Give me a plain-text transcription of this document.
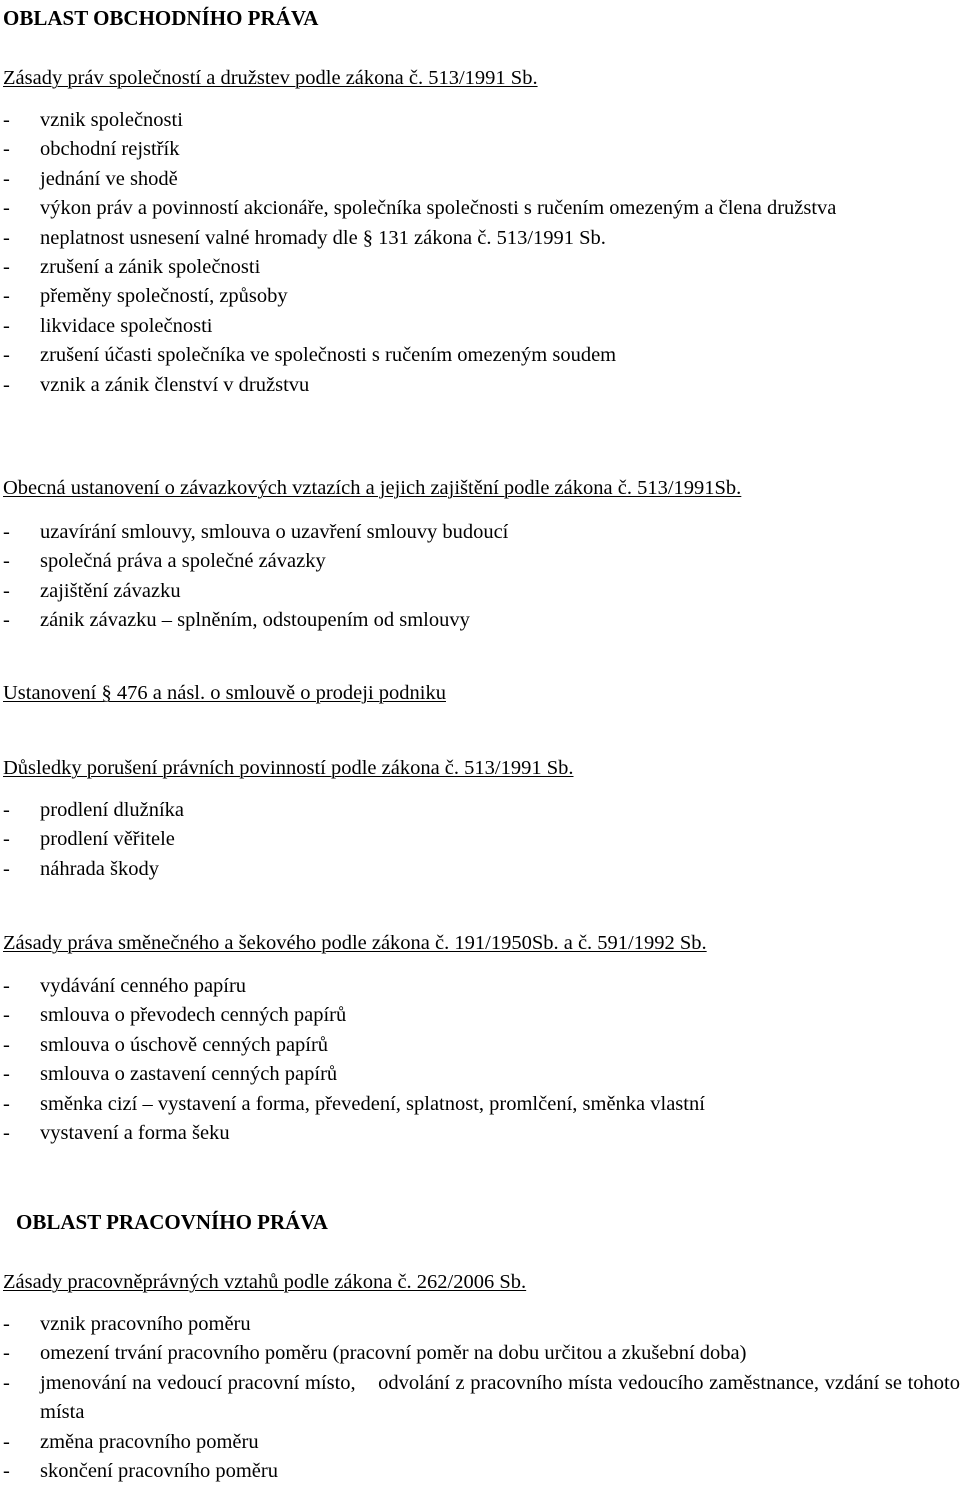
OBLAST OBCHODNÍHO PRÁVA
Zásady práv společností a družstev podle zákona č. 513/1991 Sb.
- vznik společnosti
- obchodní rejstřík
- jednání ve shodě
- výkon práv a povinností akcionáře, společníka společnosti s ručením omezeným a člena družstva
- neplatnost usnesení valné hromady dle § 131 zákona č. 513/1991 Sb.
- zrušení a zánik společnosti
- přeměny společností, způsoby
- likvidace společnosti
- zrušení účasti společníka ve společnosti s ručením omezeným soudem
- vznik a zánik členství v družstvu
Obecná ustanovení o závazkových vztazích a jejich zajištění podle zákona č. 513/1991Sb.
- uzavírání smlouvy, smlouva o uzavření smlouvy budoucí
- společná práva a společné závazky
- zajištění závazku
- zánik závazku – splněním, odstoupením od smlouvy
Ustanovení § 476 a násl. o smlouvě o prodeji podniku
Důsledky porušení právních povinností podle zákona č. 513/1991 Sb.
- prodlení dlužníka
- prodlení věřitele
- náhrada škody
Zásady práva směnečného a šekového podle zákona č. 191/1950Sb. a č. 591/1992 Sb.
- vydávání cenného papíru
- smlouva o převodech cenných papírů
- smlouva o úschově cenných papírů
- smlouva o zastavení cenných papírů
- směnka cizí – vystavení a forma, převedení, splatnost, promlčení, směnka vlastní
- vystavení a forma šeku
OBLAST PRACOVNÍHO PRÁVA
Zásady pracovněprávných vztahů podle zákona č. 262/2006 Sb.
- vznik pracovního poměru
- omezení trvání pracovního poměru (pracovní poměr na dobu určitou a zkušební doba)
- jmenování na vedoucí pracovní místo,    odvolání z pracovního místa vedoucího zaměstnance, vzdání se tohoto místa
- změna pracovního poměru
- skončení pracovního poměru
